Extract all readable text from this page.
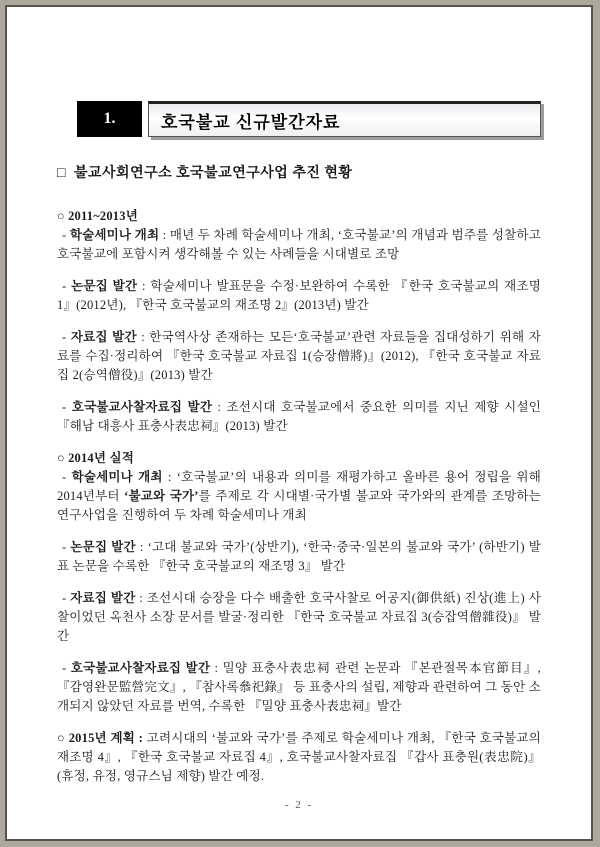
1.	호국불교 신규발간자료
□ 불교사회연구소 호국불교연구사업 추진 현황

○ 2011~2013년

- 학술세미나 개최 : 매년 두 차례 학술세미나 개최, ‘호국불교’의 개념과 범주를 성찰하고 호국불교에 포함시켜 생각해볼 수 있는 사례들을 시대별로 조망

- 논문집 발간 : 학술세미나 발표문을 수정·보완하여 수록한 『한국 호국불교의 재조명 1』(2012년), 『한국 호국불교의 재조명 2』(2013년) 발간

- 자료집 발간 : 한국역사상 존재하는 모든‘호국불교’관련 자료들을 집대성하기 위해 자료를 수집·정리하여 『한국 호국불교 자료집 1(승장僧將)』(2012), 『한국 호국불교 자료집 2(승역僧役)』(2013) 발간

- 호국불교사찰자료집 발간 : 조선시대 호국불교에서 중요한 의미를 지닌 제향 시설인 『해남 대흥사 표충사表忠祠』(2013) 발간

○ 2014년 실적

- 학술세미나 개최 : ‘호국불교’의 내용과 의미를 재평가하고 올바른 용어 정립을 위해 2014년부터 ‘불교와 국가’를 주제로 각 시대별·국가별 불교와 국가와의 관계를 조망하는 연구사업을 진행하여 두 차례 학술세미나 개최

- 논문집 발간 : ‘고대 불교와 국가’(상반기), ‘한국·중국·일본의 불교와 국가’ (하반기) 발표 논문을 수록한 『한국 호국불교의 재조명 3』 발간

- 자료집 발간 : 조선시대 승장을 다수 배출한 호국사찰로 어공지(御供紙) 진상(進上) 사찰이었던 옥천사 소장 문서를 발굴·정리한 『한국 호국불교 자료집 3(승잡역僧雜役)』 발간

- 호국불교사찰자료집 발간 : 밀양 표충사表忠祠 관련 논문과 『본관절목本官節目』, 『감영완문監營完文』, 『참사록叅祀錄』 등 표충사의 설립, 제향과 관련하여 그 동안 소개되지 않았던 자료를 번역, 수록한 『밀양 표충사表忠祠』발간

○ 2015년 계획 : 고려시대의 ‘불교와 국가’를 주제로 학술세미나 개최, 『한국 호국불교의 재조명 4』, 『한국 호국불교 자료집 4』, 호국불교사찰자료집 『갑사 표충원(表忠院)』(휴정, 유정, 영규스님 제향) 발간 예정.

- 2 -
